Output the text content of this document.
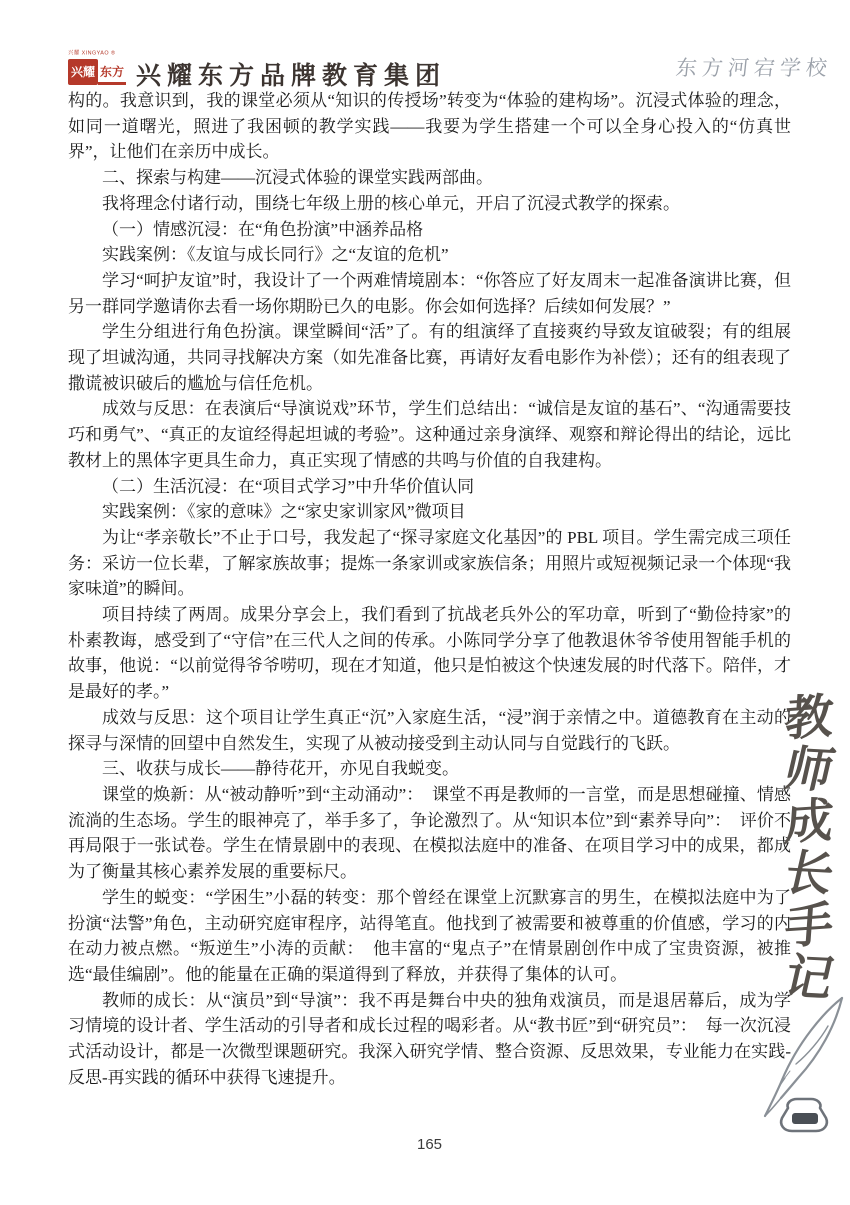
兴耀 XINGYAO ®
兴耀 东方 兴耀东方品牌教育集团	东方河宕学校

构的。我意识到，我的课堂必须从“知识的传授场”转变为“体验的建构场”。沉浸式体验的理念，如同一道曙光，照进了我困顿的教学实践——我要为学生搭建一个可以全身心投入的“仿真世界”，让他们在亲历中成长。

二、探索与构建——沉浸式体验的课堂实践两部曲。

我将理念付诸行动，围绕七年级上册的核心单元，开启了沉浸式教学的探索。

（一）情感沉浸：在“角色扮演”中涵养品格

实践案例：《友谊与成长同行》之“友谊的危机”

学习“呵护友谊”时，我设计了一个两难情境剧本：“你答应了好友周末一起准备演讲比赛，但另一群同学邀请你去看一场你期盼已久的电影。你会如何选择？后续如何发展？”

学生分组进行角色扮演。课堂瞬间“活”了。有的组演绎了直接爽约导致友谊破裂；有的组展现了坦诚沟通，共同寻找解决方案（如先准备比赛，再请好友看电影作为补偿）；还有的组表现了撒谎被识破后的尴尬与信任危机。

成效与反思：在表演后“导演说戏”环节，学生们总结出：“诚信是友谊的基石”、“沟通需要技巧和勇气”、“真正的友谊经得起坦诚的考验”。这种通过亲身演绎、观察和辩论得出的结论，远比教材上的黑体字更具生命力，真正实现了情感的共鸣与价值的自我建构。

（二）生活沉浸：在“项目式学习”中升华价值认同

实践案例：《家的意味》之“家史家训家风”微项目

为让“孝亲敬长”不止于口号，我发起了“探寻家庭文化基因”的 PBL 项目。学生需完成三项任务：采访一位长辈，了解家族故事；提炼一条家训或家族信条；用照片或短视频记录一个体现“我家味道”的瞬间。

项目持续了两周。成果分享会上，我们看到了抗战老兵外公的军功章，听到了“勤俭持家”的朴素教诲，感受到了“守信”在三代人之间的传承。小陈同学分享了他教退休爷爷使用智能手机的故事，他说：“以前觉得爷爷唠叨，现在才知道，他只是怕被这个快速发展的时代落下。陪伴，才是最好的孝。”

成效与反思：这个项目让学生真正“沉”入家庭生活，“浸”润于亲情之中。道德教育在主动的探寻与深情的回望中自然发生，实现了从被动接受到主动认同与自觉践行的飞跃。

三、收获与成长——静待花开，亦见自我蜕变。

课堂的焕新：从“被动静听”到“主动涌动”：　课堂不再是教师的一言堂，而是思想碰撞、情感流淌的生态场。学生的眼神亮了，举手多了，争论激烈了。从“知识本位”到“素养导向”：　评价不再局限于一张试卷。学生在情景剧中的表现、在模拟法庭中的准备、在项目学习中的成果，都成为了衡量其核心素养发展的重要标尺。

学生的蜕变：“学困生”小磊的转变：那个曾经在课堂上沉默寡言的男生，在模拟法庭中为了扮演“法警”角色，主动研究庭审程序，站得笔直。他找到了被需要和被尊重的价值感，学习的内在动力被点燃。“叛逆生”小涛的贡献：　他丰富的“鬼点子”在情景剧创作中成了宝贵资源，被推选“最佳编剧”。他的能量在正确的渠道得到了释放，并获得了集体的认可。

教师的成长：从“演员”到“导演”：我不再是舞台中央的独角戏演员，而是退居幕后，成为学习情境的设计者、学生活动的引导者和成长过程的喝彩者。从“教书匠”到“研究员”：　每一次沉浸式活动设计，都是一次微型课题研究。我深入研究学情、整合资源、反思效果，专业能力在实践-反思-再实践的循环中获得飞速提升。

教
师
成
长
手
记
165
